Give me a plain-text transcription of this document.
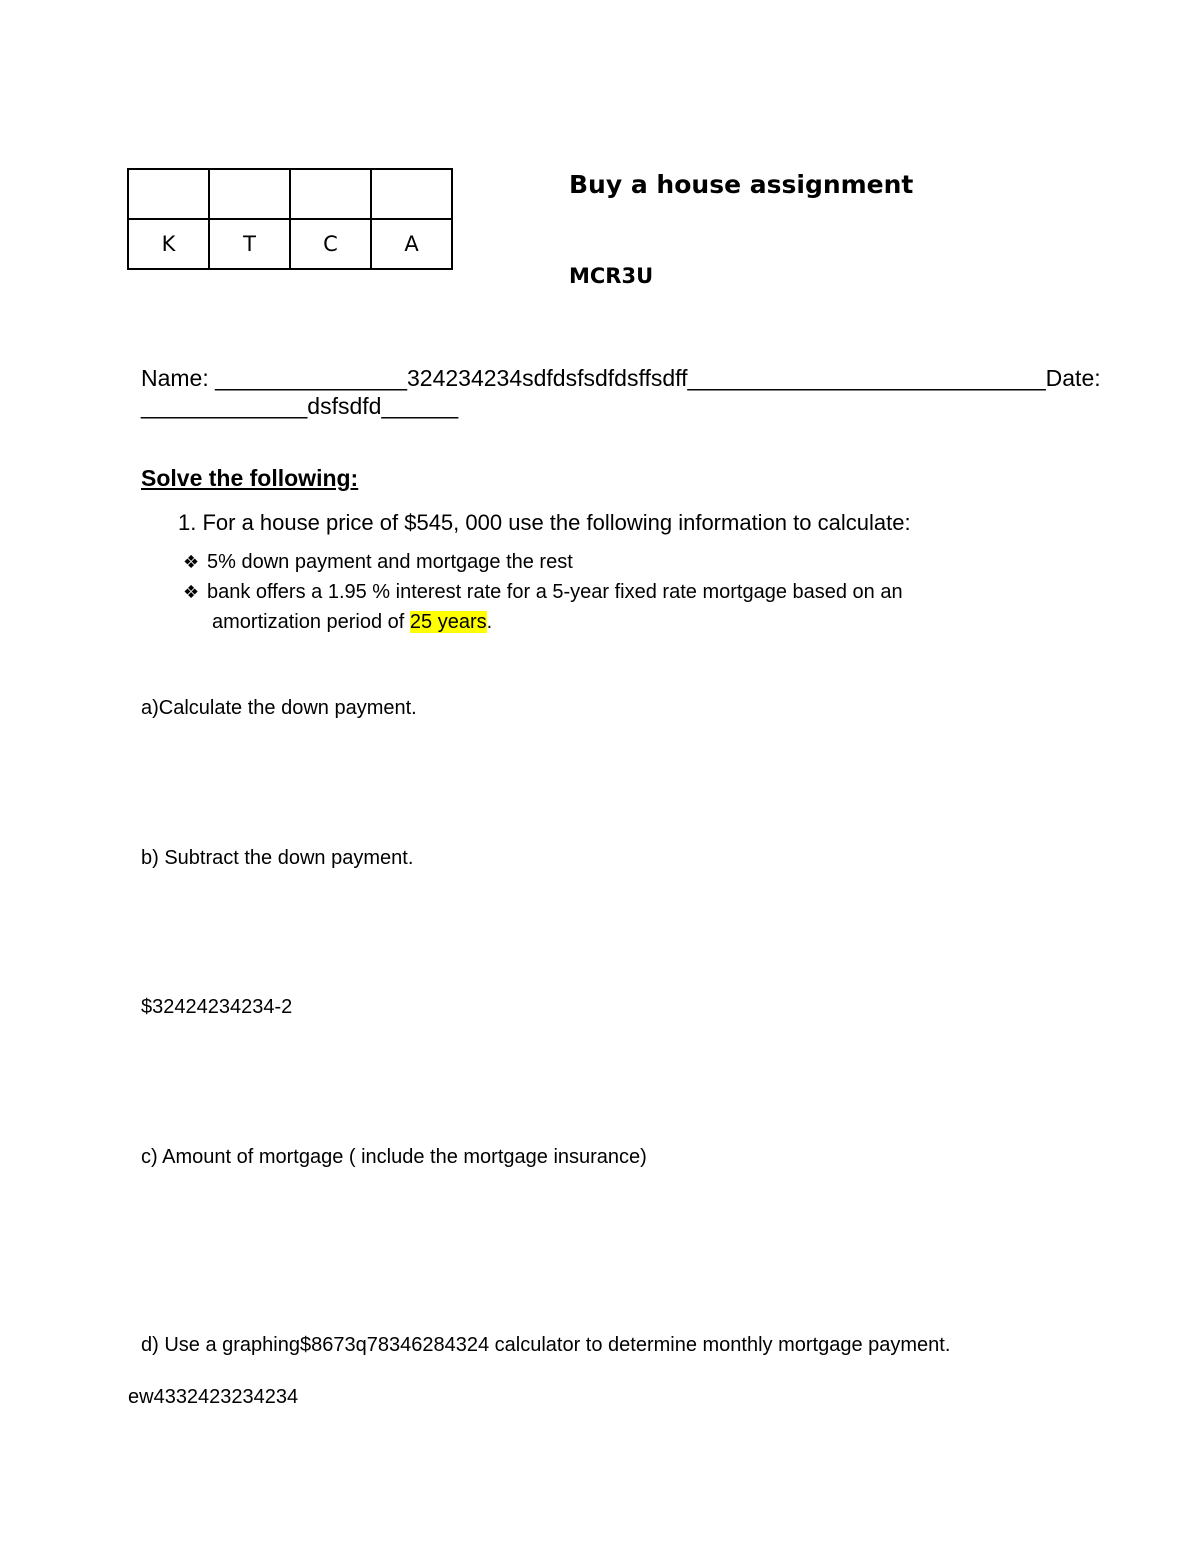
K	T	C	A
Buy a house assignment
MCR3U
Name: _______________324234234sdfdsfsdfdsffsdff____________________________Date:
_____________dsfsdfd______
Solve the following:
1. For a house price of $545, 000 use the following information to calculate:
❖ 5% down payment and mortgage the rest
❖ bank offers a 1.95 % interest rate for a 5-year fixed rate mortgage based on an
amortization period of 25 years.
a)Calculate the down payment.
b) Subtract the down payment.
$32424234234-2
c) Amount of mortgage ( include the mortgage insurance)
d) Use a graphing$8673q78346284324 calculator to determine monthly mortgage payment.
ew4332423234234
